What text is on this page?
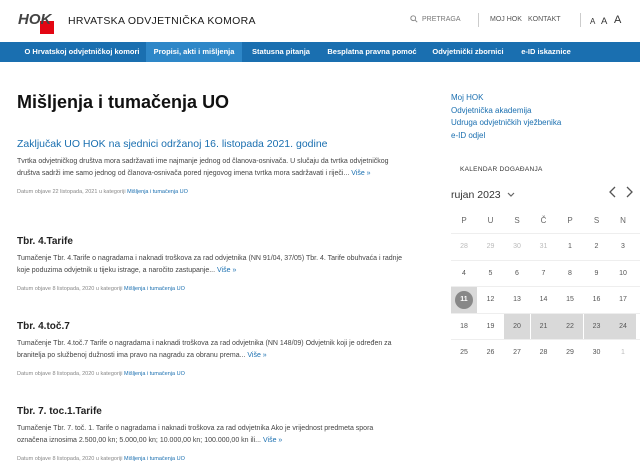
HOK HRVATSKA ODVJETNIČKA KOMORA	PRETRAGA	MOJ HOK KONTAKT	A A A
O Hrvatskoj odvjetničkoj komori	Propisi, akti i mišljenja	Statusna pitanja	Besplatna pravna pomoć	Odvjetnički zbornici	e-ID iskaznice
Mišljenja i tumačenja UO
Zaključak UO HOK na sjednici održanoj 16. listopada 2021. godine
Tvrtka odvjetničkog društva mora sadržavati ime najmanje jednog od članova-osnivača. U slučaju da tvrtka odvjetničkog društva sadrži ime samo jednog od članova-osnivača pored njegovog imena tvrtka mora sadržavati i riječi... Više »
Datum objave 22 listopada, 2021 u kategoriji Mišljenja i tumačenja UO
Tbr. 4.Tarife
Tumačenje Tbr. 4.Tarife o nagradama i naknadi troškova za rad odvjetnika (NN 91/04, 37/05) Tbr. 4. Tarife obuhvaća i radnje koje poduzima odvjetnik u tijeku istrage, a naročito zastupanje... Više »
Datum objave 8 listopada, 2020 u kategoriji Mišljenja i tumačenja UO
Tbr. 4.toč.7
Tumačenje Tbr. 4.toč.7 Tarife o nagradama i naknadi troškova za rad odvjetnika (NN 148/09) Odvjetnik koji je određen za branitelja po službenoj dužnosti ima pravo na nagradu za obranu prema... Više »
Datum objave 8 listopada, 2020 u kategoriji Mišljenja i tumačenja UO
Tbr. 7. toc.1.Tarife
Tumačenje Tbr. 7. toč. 1. Tarife o nagradama i naknadi troškova za rad odvjetnika Ako je vrijednost predmeta spora označena iznosima 2.500,00 kn; 5.000,00 kn; 10.000,00 kn; 100.000,00 kn ili... Više »
Datum objave 8 listopada, 2020 u kategoriji Mišljenja i tumačenja UO
Moj HOK
Odvjetnička akademija
Udruga odvjetničkih vježbenika
e-ID odjel
KALENDAR DOGAĐANJA
rujan 2023
P	U	S	Č	P	S	N
28	29	30	31	1	2	3
4	5	6	7	8	9	10
11	12	13	14	15	16	17
18	19	20	21	22	23	24
25	26	27	28	29	30	1
